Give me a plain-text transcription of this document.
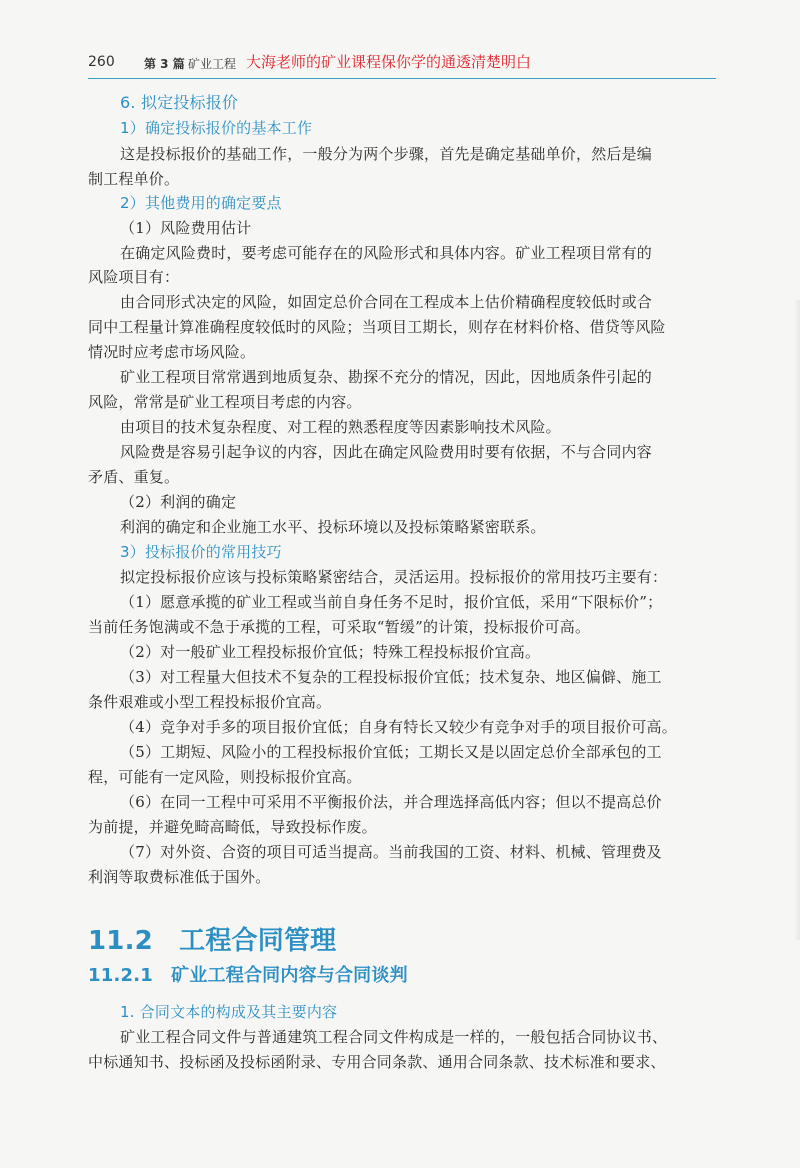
260 第 3 篇 矿业工程 大海老师的矿业课程保你学的通透清楚明白
6. 拟定投标报价
1）确定投标报价的基本工作
这是投标报价的基础工作，一般分为两个步骤，首先是确定基础单价，然后是编
制工程单价。
2）其他费用的确定要点
（1）风险费用估计
在确定风险费时，要考虑可能存在的风险形式和具体内容。矿业工程项目常有的
风险项目有：
由合同形式决定的风险，如固定总价合同在工程成本上估价精确程度较低时或合
同中工程量计算准确程度较低时的风险；当项目工期长，则存在材料价格、借贷等风险
情况时应考虑市场风险。
矿业工程项目常常遇到地质复杂、勘探不充分的情况，因此，因地质条件引起的
风险，常常是矿业工程项目考虑的内容。
由项目的技术复杂程度、对工程的熟悉程度等因素影响技术风险。
风险费是容易引起争议的内容，因此在确定风险费用时要有依据，不与合同内容
矛盾、重复。
（2）利润的确定
利润的确定和企业施工水平、投标环境以及投标策略紧密联系。
3）投标报价的常用技巧
拟定投标报价应该与投标策略紧密结合，灵活运用。投标报价的常用技巧主要有：
（1）愿意承揽的矿业工程或当前自身任务不足时，报价宜低，采用“下限标价”；
当前任务饱满或不急于承揽的工程，可采取“暂缓”的计策，投标报价可高。
（2）对一般矿业工程投标报价宜低；特殊工程投标报价宜高。
（3）对工程量大但技术不复杂的工程投标报价宜低；技术复杂、地区偏僻、施工
条件艰难或小型工程投标报价宜高。
（4）竞争对手多的项目报价宜低；自身有特长又较少有竞争对手的项目报价可高。
（5）工期短、风险小的工程投标报价宜低；工期长又是以固定总价全部承包的工
程，可能有一定风险，则投标报价宜高。
（6）在同一工程中可采用不平衡报价法，并合理选择高低内容；但以不提高总价
为前提，并避免畸高畸低，导致投标作废。
（7）对外资、合资的项目可适当提高。当前我国的工资、材料、机械、管理费及
利润等取费标准低于国外。
11.2　工程合同管理
11.2.1　矿业工程合同内容与合同谈判
1. 合同文本的构成及其主要内容
矿业工程合同文件与普通建筑工程合同文件构成是一样的，一般包括合同协议书、
中标通知书、投标函及投标函附录、专用合同条款、通用合同条款、技术标准和要求、
